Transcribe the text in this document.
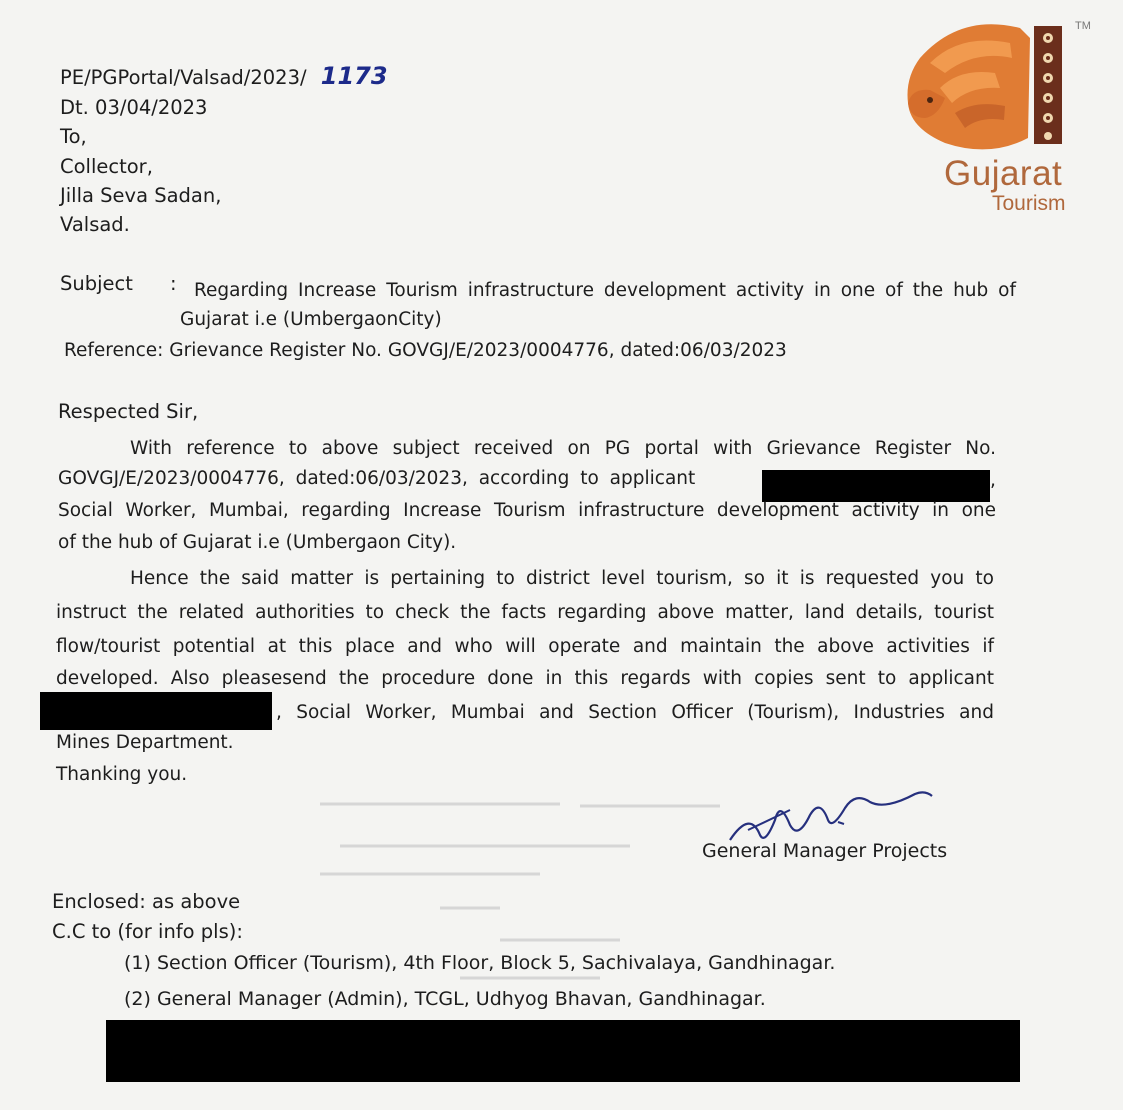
TM
Gujarat
Tourism
PE/PGPortal/Valsad/2023/ 1173
Dt. 03/04/2023
To,
Collector,
Jilla Seva Sadan,
Valsad.
Subject : Regarding Increase Tourism infrastructure development activity in one of the hub of
Gujarat i.e (UmbergaonCity)
Reference: Grievance Register No. GOVGJ/E/2023/0004776, dated:06/03/2023
Respected Sir,
With reference to above subject received on PG portal with Grievance Register No.
GOVGJ/E/2023/0004776, dated:06/03/2023, according to applicant	,
Social Worker, Mumbai, regarding Increase Tourism infrastructure development activity in one
of the hub of Gujarat i.e (Umbergaon City).
Hence the said matter is pertaining to district level tourism, so it is requested you to
instruct the related authorities to check the facts regarding above matter, land details, tourist
flow/tourist potential at this place and who will operate and maintain the above activities if
developed. Also pleasesend the procedure done in this regards with copies sent to applicant
, Social Worker, Mumbai and Section Officer (Tourism), Industries and
Mines Department.
Thanking you.
General Manager Projects
Enclosed: as above
C.C to (for info pls):
(1) Section Officer (Tourism), 4th Floor, Block 5, Sachivalaya, Gandhinagar.
(2) General Manager (Admin), TCGL, Udhyog Bhavan, Gandhinagar.
